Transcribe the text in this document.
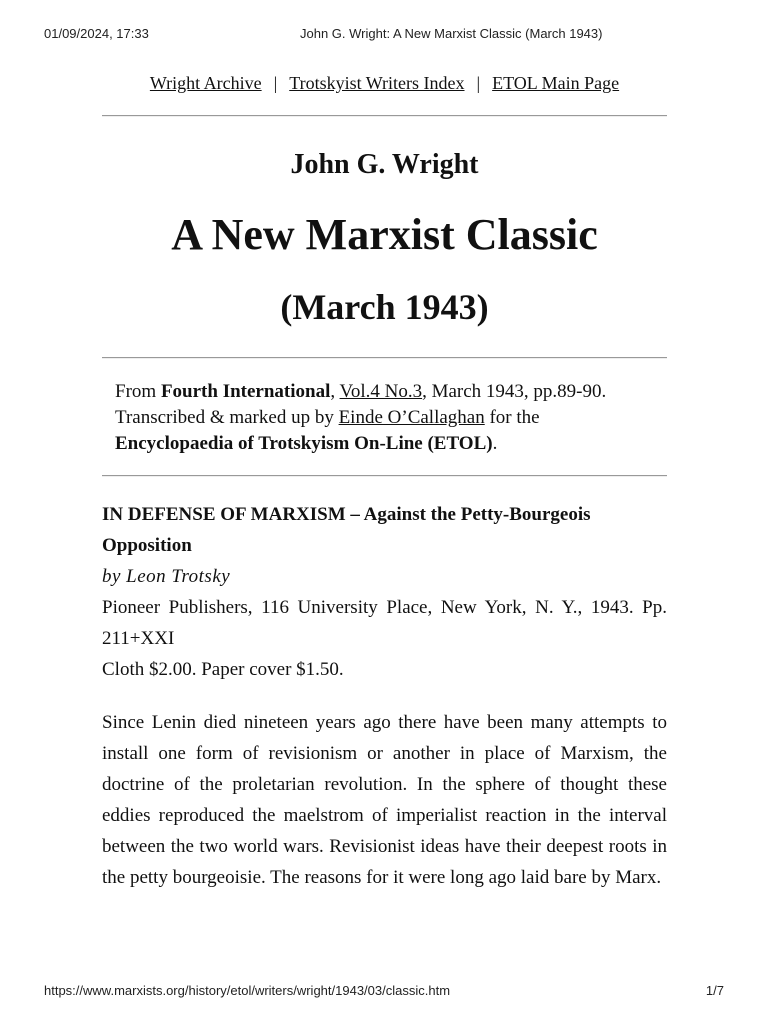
01/09/2024, 17:33	John G. Wright: A New Marxist Classic (March 1943)
Wright Archive | Trotskyist Writers Index | ETOL Main Page
John G. Wright
A New Marxist Classic
(March 1943)
From Fourth International, Vol.4 No.3, March 1943, pp.89-90.
Transcribed & marked up by Einde O’Callaghan for the
Encyclopaedia of Trotskyism On-Line (ETOL).
IN DEFENSE OF MARXISM – Against the Petty-Bourgeois Opposition
by Leon Trotsky
Pioneer Publishers, 116 University Place, New York, N. Y., 1943. Pp. 211+XXI
Cloth $2.00. Paper cover $1.50.
Since Lenin died nineteen years ago there have been many attempts to install one form of revisionism or another in place of Marxism, the doctrine of the proletarian revolution. In the sphere of thought these eddies reproduced the maelstrom of imperialist reaction in the interval between the two world wars. Revisionist ideas have their deepest roots in the petty bourgeoisie. The reasons for it were long ago laid bare by Marx.
https://www.marxists.org/history/etol/writers/wright/1943/03/classic.htm	1/7
